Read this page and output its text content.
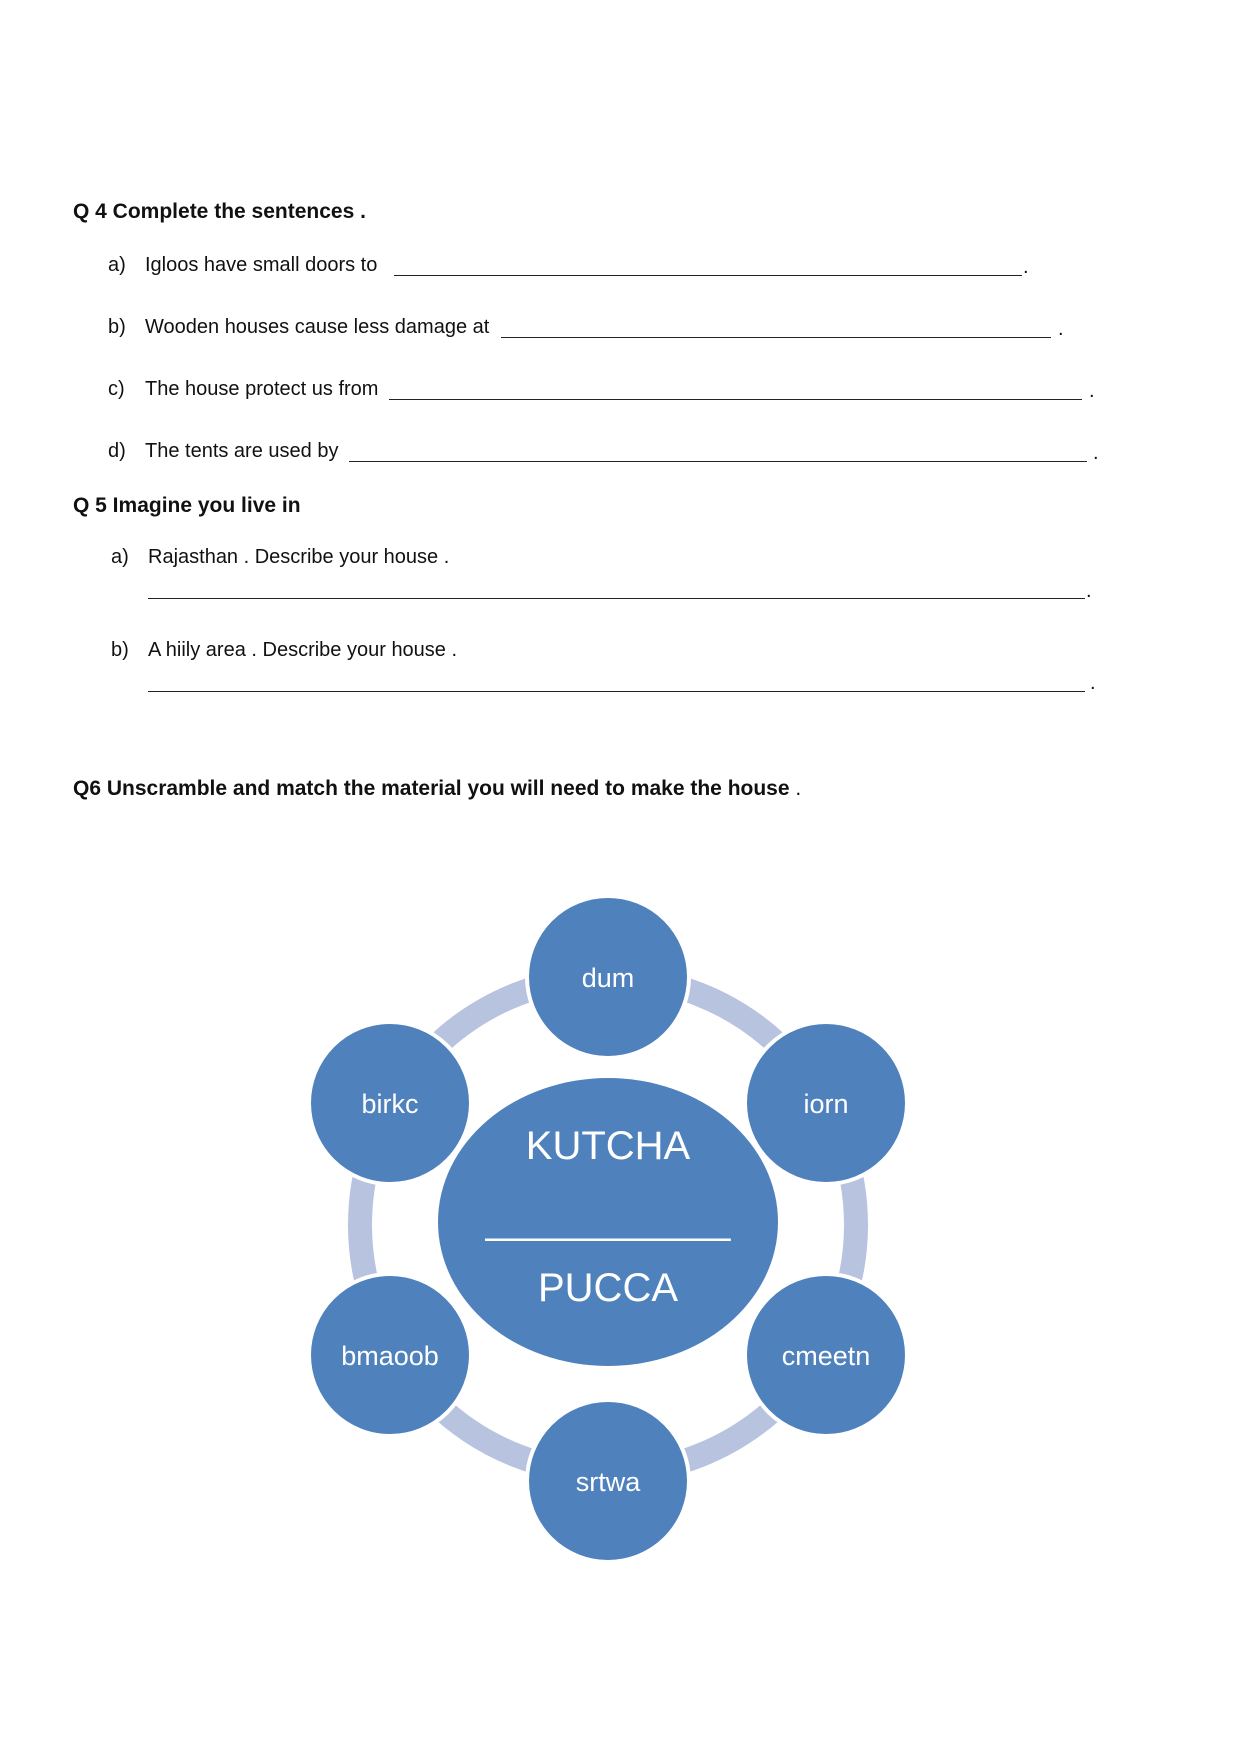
Q 4 Complete the sentences .
a) Igloos have small doors to	.
b) Wooden houses cause less damage at	.
c) The house protect us from	.
d) The tents are used by	.
Q 5 Imagine you live in
a) Rajasthan . Describe your house .
.
b) A hiily area . Describe your house .
.
Q6 Unscramble and match the material you will need to make the house .
KUTCHA
___________
PUCCA
dum
iorn
cmeetn
srtwa
bmaoob
birkc
